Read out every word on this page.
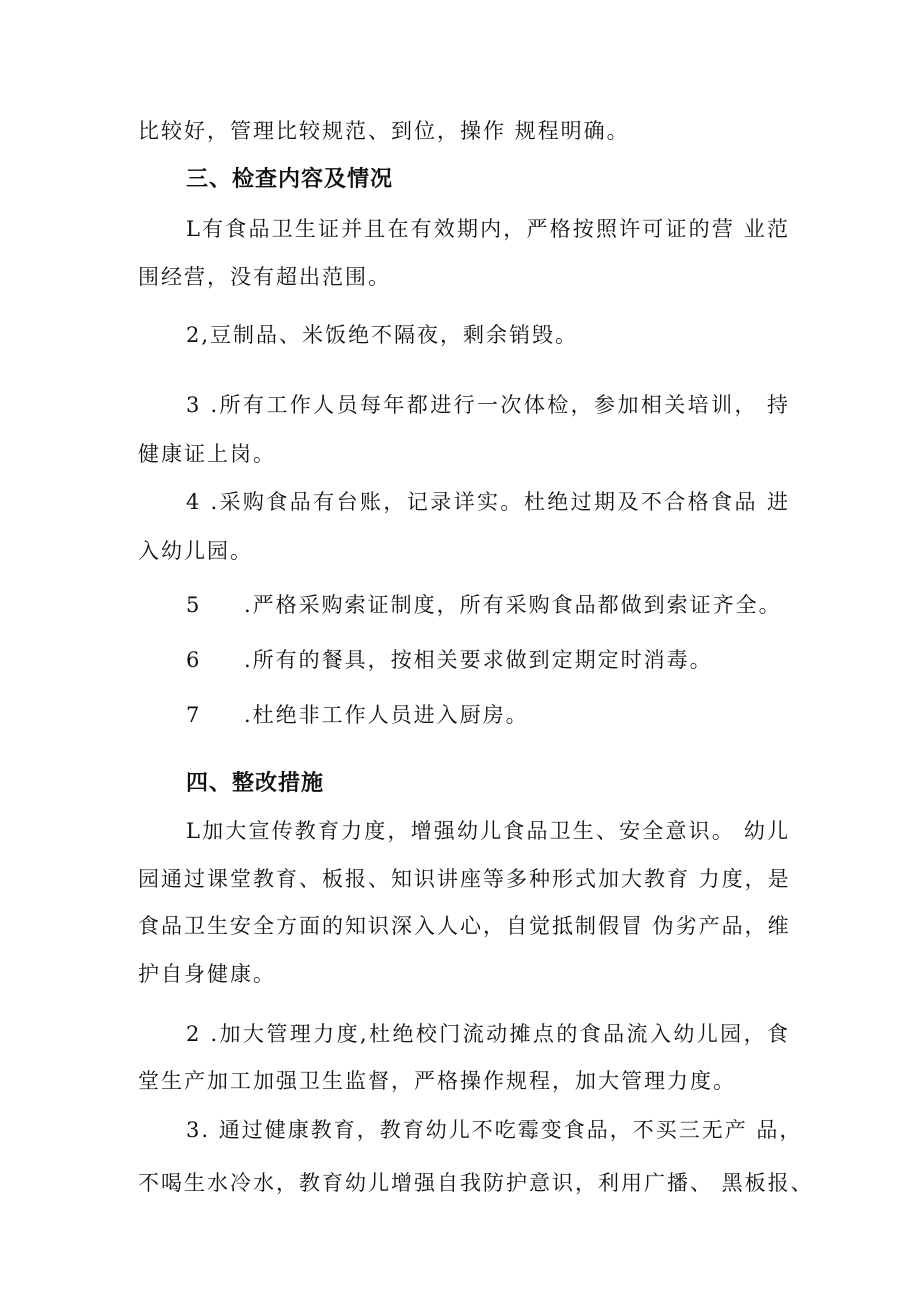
比较好，管理比较规范、到位，操作 规程明确。
三、检查内容及情况
L有食品卫生证并且在有效期内，严格按照许可证的营 业范
围经营，没有超出范围。
2,豆制品、米饭绝不隔夜，剩余销毁。
3 .所有工作人员每年都进行一次体检，参加相关培训， 持
健康证上岗。
4 .采购食品有台账，记录详实。杜绝过期及不合格食品 进
入幼儿园。
5 .严格采购索证制度，所有采购食品都做到索证齐全。
6 .所有的餐具，按相关要求做到定期定时消毒。
7 .杜绝非工作人员进入厨房。
四、整改措施
L加大宣传教育力度，增强幼儿食品卫生、安全意识。 幼儿
园通过课堂教育、板报、知识讲座等多种形式加大教育 力度，是
食品卫生安全方面的知识深入人心，自觉抵制假冒 伪劣产品，维
护自身健康。
2 .加大管理力度,杜绝校门流动摊点的食品流入幼儿园，食
堂生产加工加强卫生监督，严格操作规程，加大管理力度。
3. 通过健康教育，教育幼儿不吃霉变食品，不买三无产 品，
不喝生水冷水，教育幼儿增强自我防护意识，利用广播、 黑板报、
